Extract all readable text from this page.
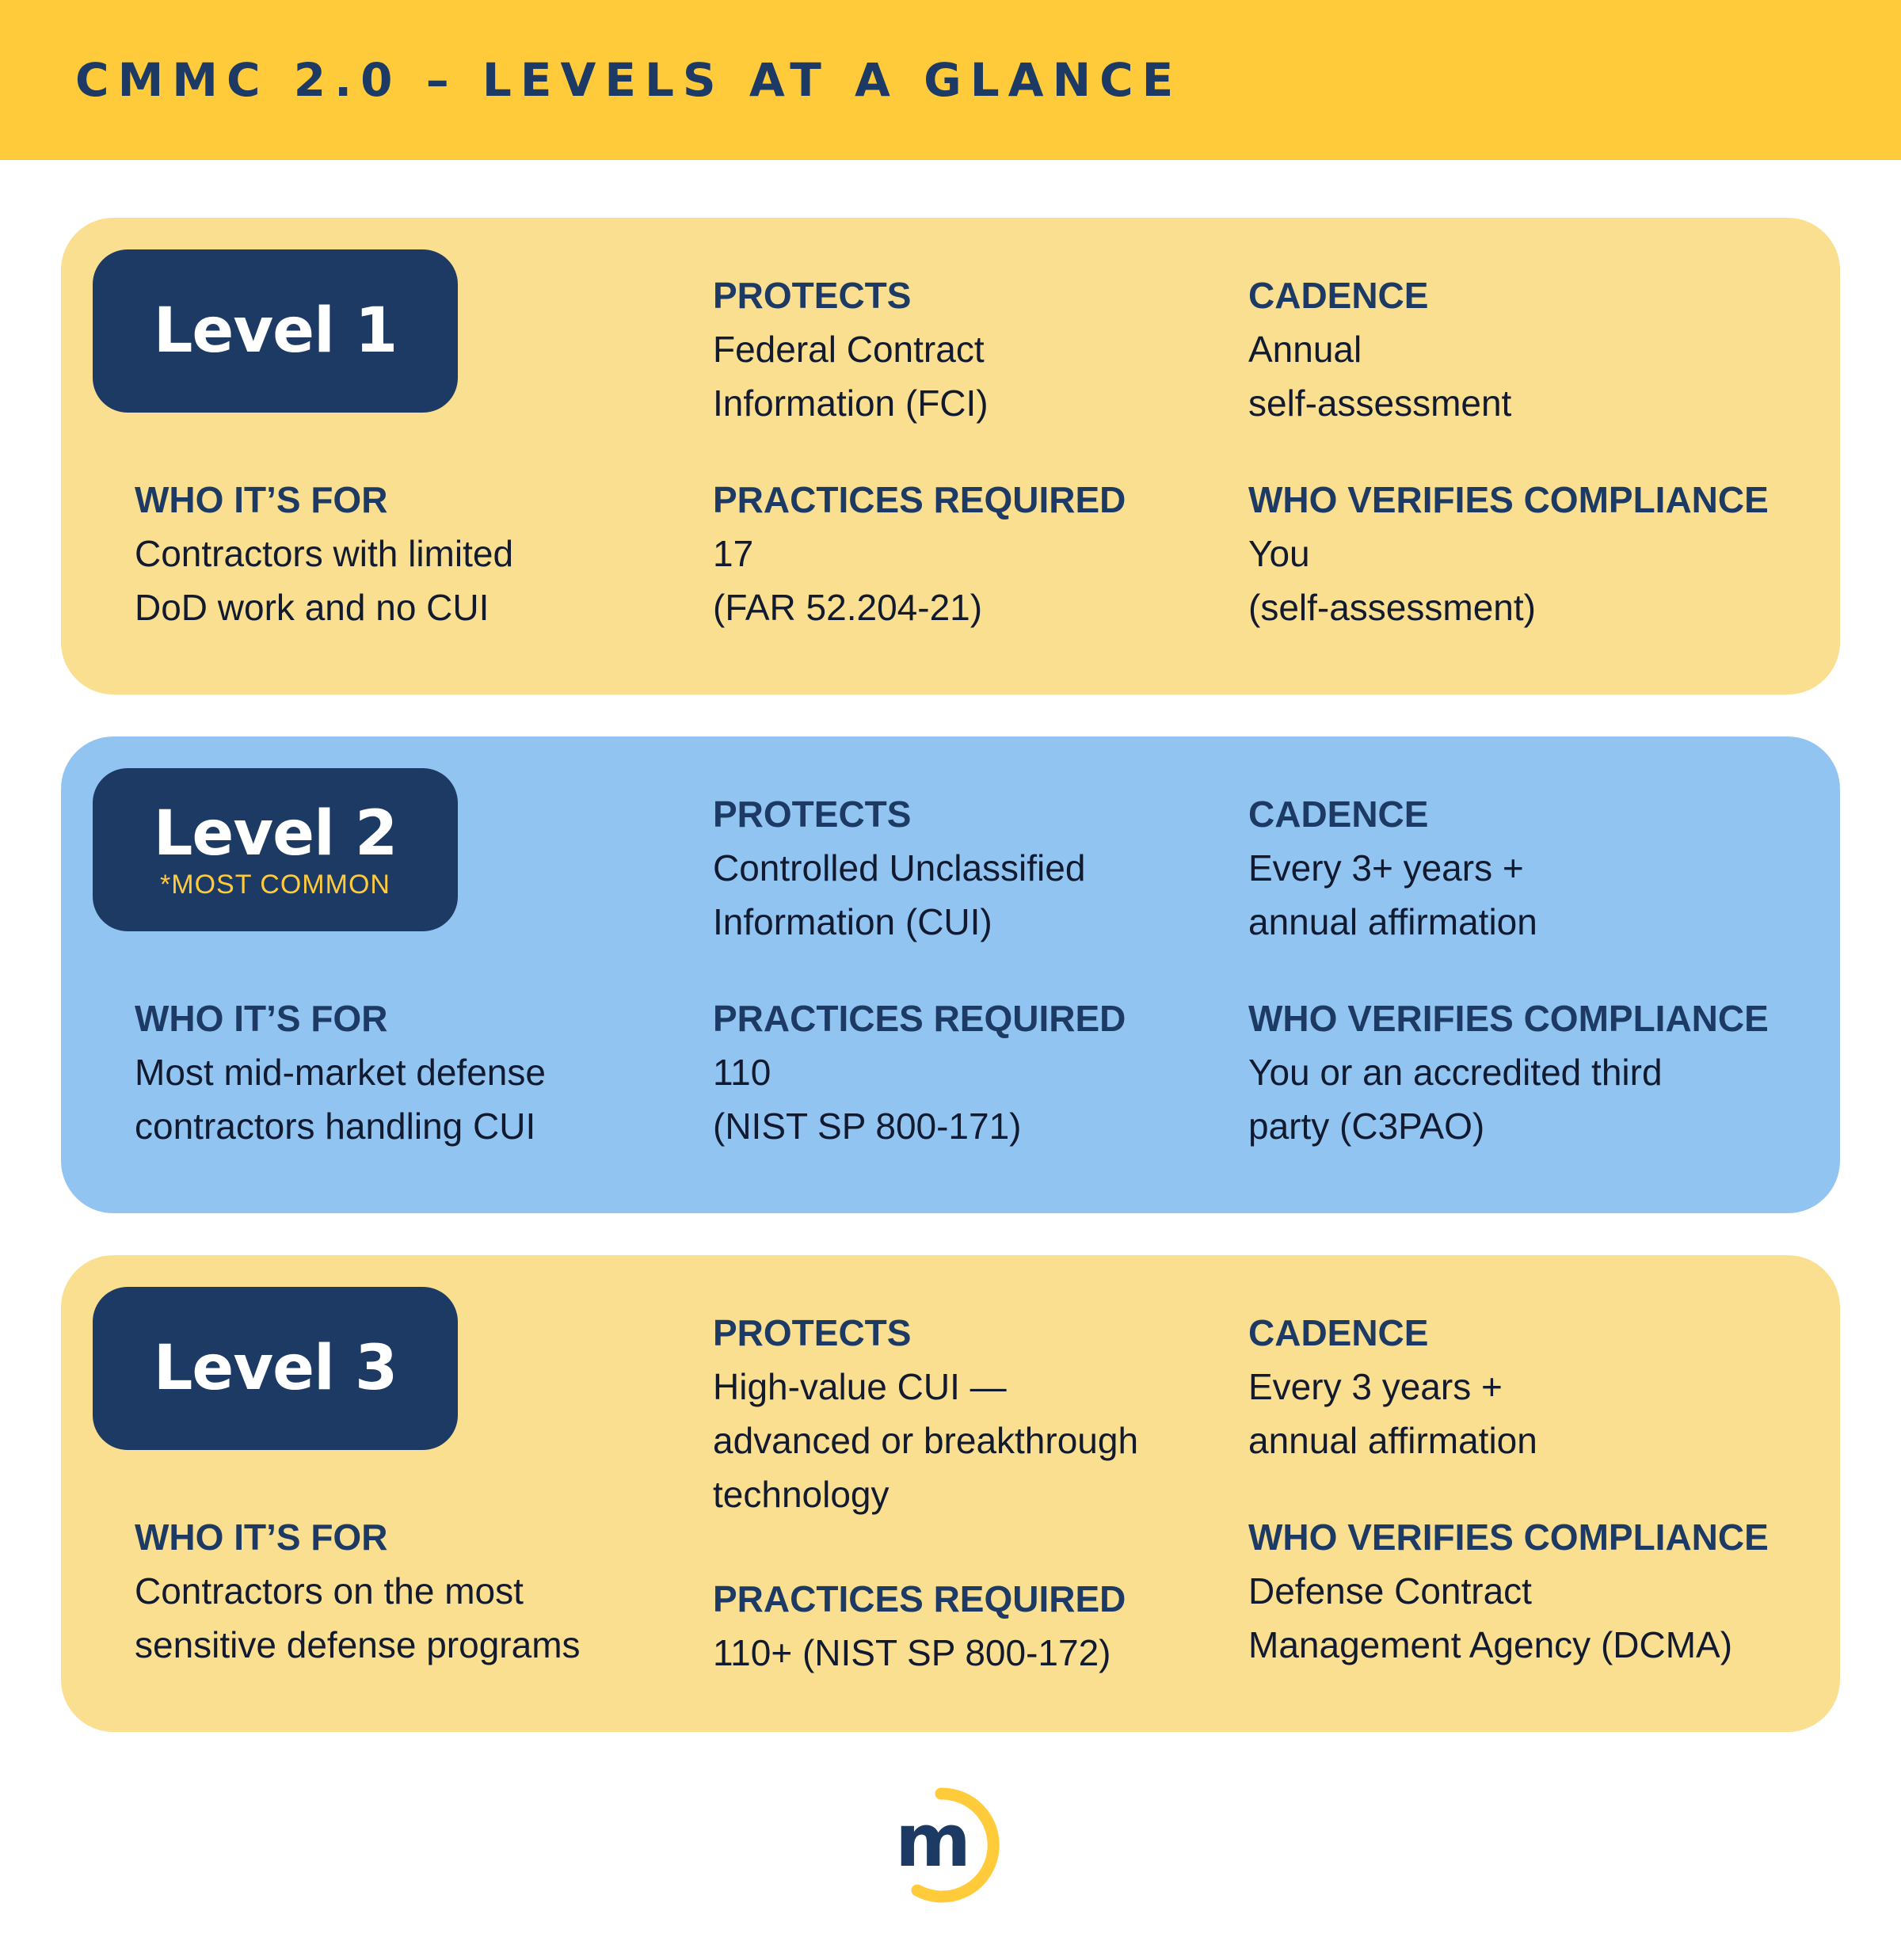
CMMC 2.0 – LEVELS AT A GLANCE
Level 1	PROTECTS
Federal Contract
Information (FCI)
CADENCE
Annual
self-assessment
WHO IT’S FOR
Contractors with limited
DoD work and no CUI
PRACTICES REQUIRED
17
(FAR 52.204-21)
WHO VERIFIES COMPLIANCE
You
(self-assessment)
Level 2
*MOST COMMON
PROTECTS
Controlled Unclassified
Information (CUI)
CADENCE
Every 3+ years +
annual affirmation
WHO IT’S FOR
Most mid-market defense
contractors handling CUI
PRACTICES REQUIRED
110
(NIST SP 800-171)
WHO VERIFIES COMPLIANCE
You or an accredited third
party (C3PAO)
Level 3	PROTECTS
High-value CUI —
advanced or breakthrough
technology
CADENCE
Every 3 years +
annual affirmation
WHO IT’S FOR
Contractors on the most
sensitive defense programs
PRACTICES REQUIRED
110+ (NIST SP 800-172)
WHO VERIFIES COMPLIANCE
Defense Contract
Management Agency (DCMA)
m
